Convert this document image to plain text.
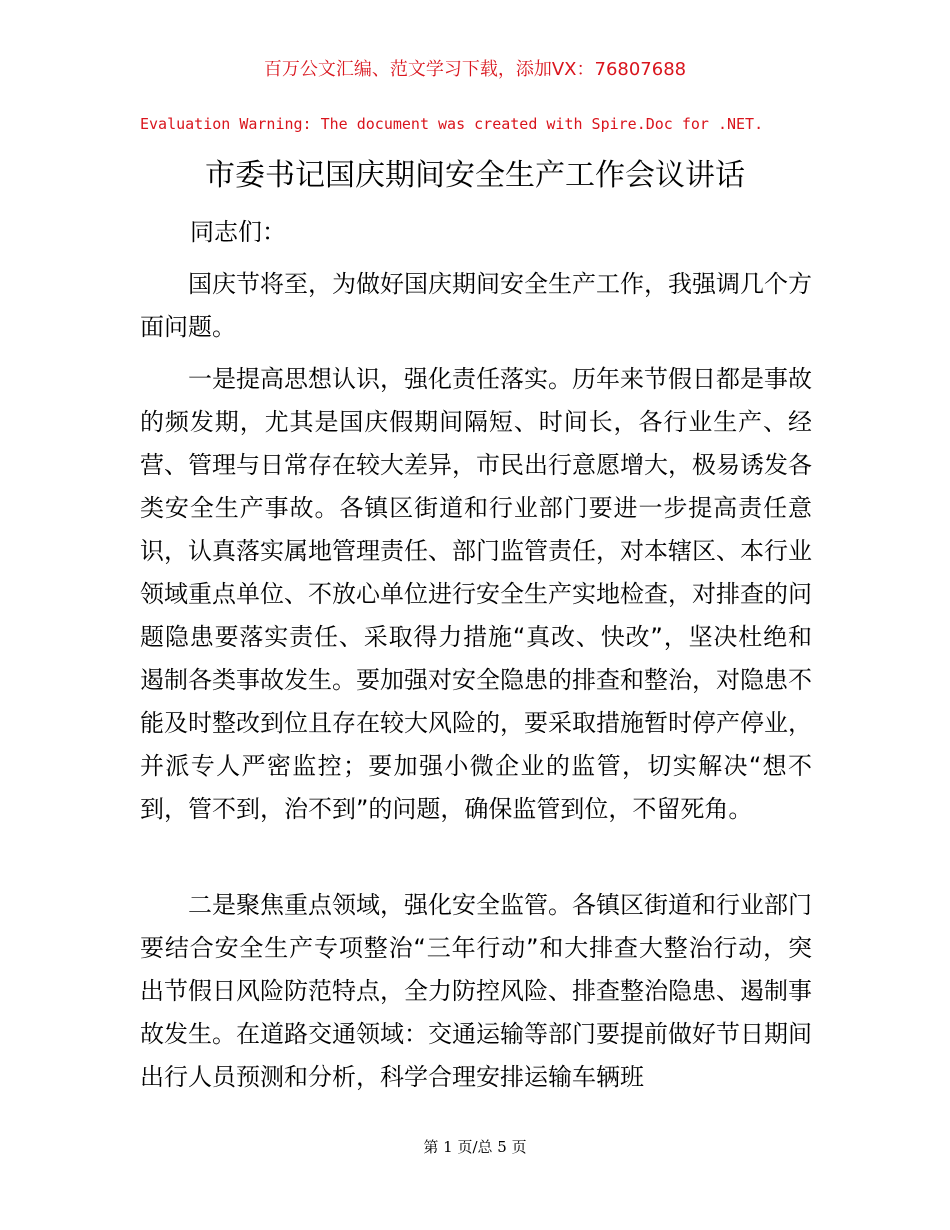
百万公文汇编、范文学习下载，添加VX：76807688
Evaluation Warning: The document was created with Spire.Doc for .NET.
市委书记国庆期间安全生产工作会议讲话

同志们：

国庆节将至，为做好国庆期间安全生产工作，我强调几个方面问题。

一是提高思想认识，强化责任落实。历年来节假日都是事故的频发期，尤其是国庆假期间隔短、时间长，各行业生产、经营、管理与日常存在较大差异，市民出行意愿增大，极易诱发各类安全生产事故。各镇区街道和行业部门要进一步提高责任意识，认真落实属地管理责任、部门监管责任，对本辖区、本行业领域重点单位、不放心单位进行安全生产实地检查，对排查的问题隐患要落实责任、采取得力措施“真改、快改”，坚决杜绝和遏制各类事故发生。要加强对安全隐患的排查和整治，对隐患不能及时整改到位且存在较大风险的，要采取措施暂时停产停业，并派专人严密监控；要加强小微企业的监管，切实解决“想不到，管不到，治不到”的问题，确保监管到位，不留死角。

二是聚焦重点领域，强化安全监管。各镇区街道和行业部门要结合安全生产专项整治“三年行动”和大排查大整治行动，突出节假日风险防范特点，全力防控风险、排查整治隐患、遏制事故发生。在道路交通领域：交通运输等部门要提前做好节日期间出行人员预测和分析，科学合理安排运输车辆班

第 1 页/总 5 页
